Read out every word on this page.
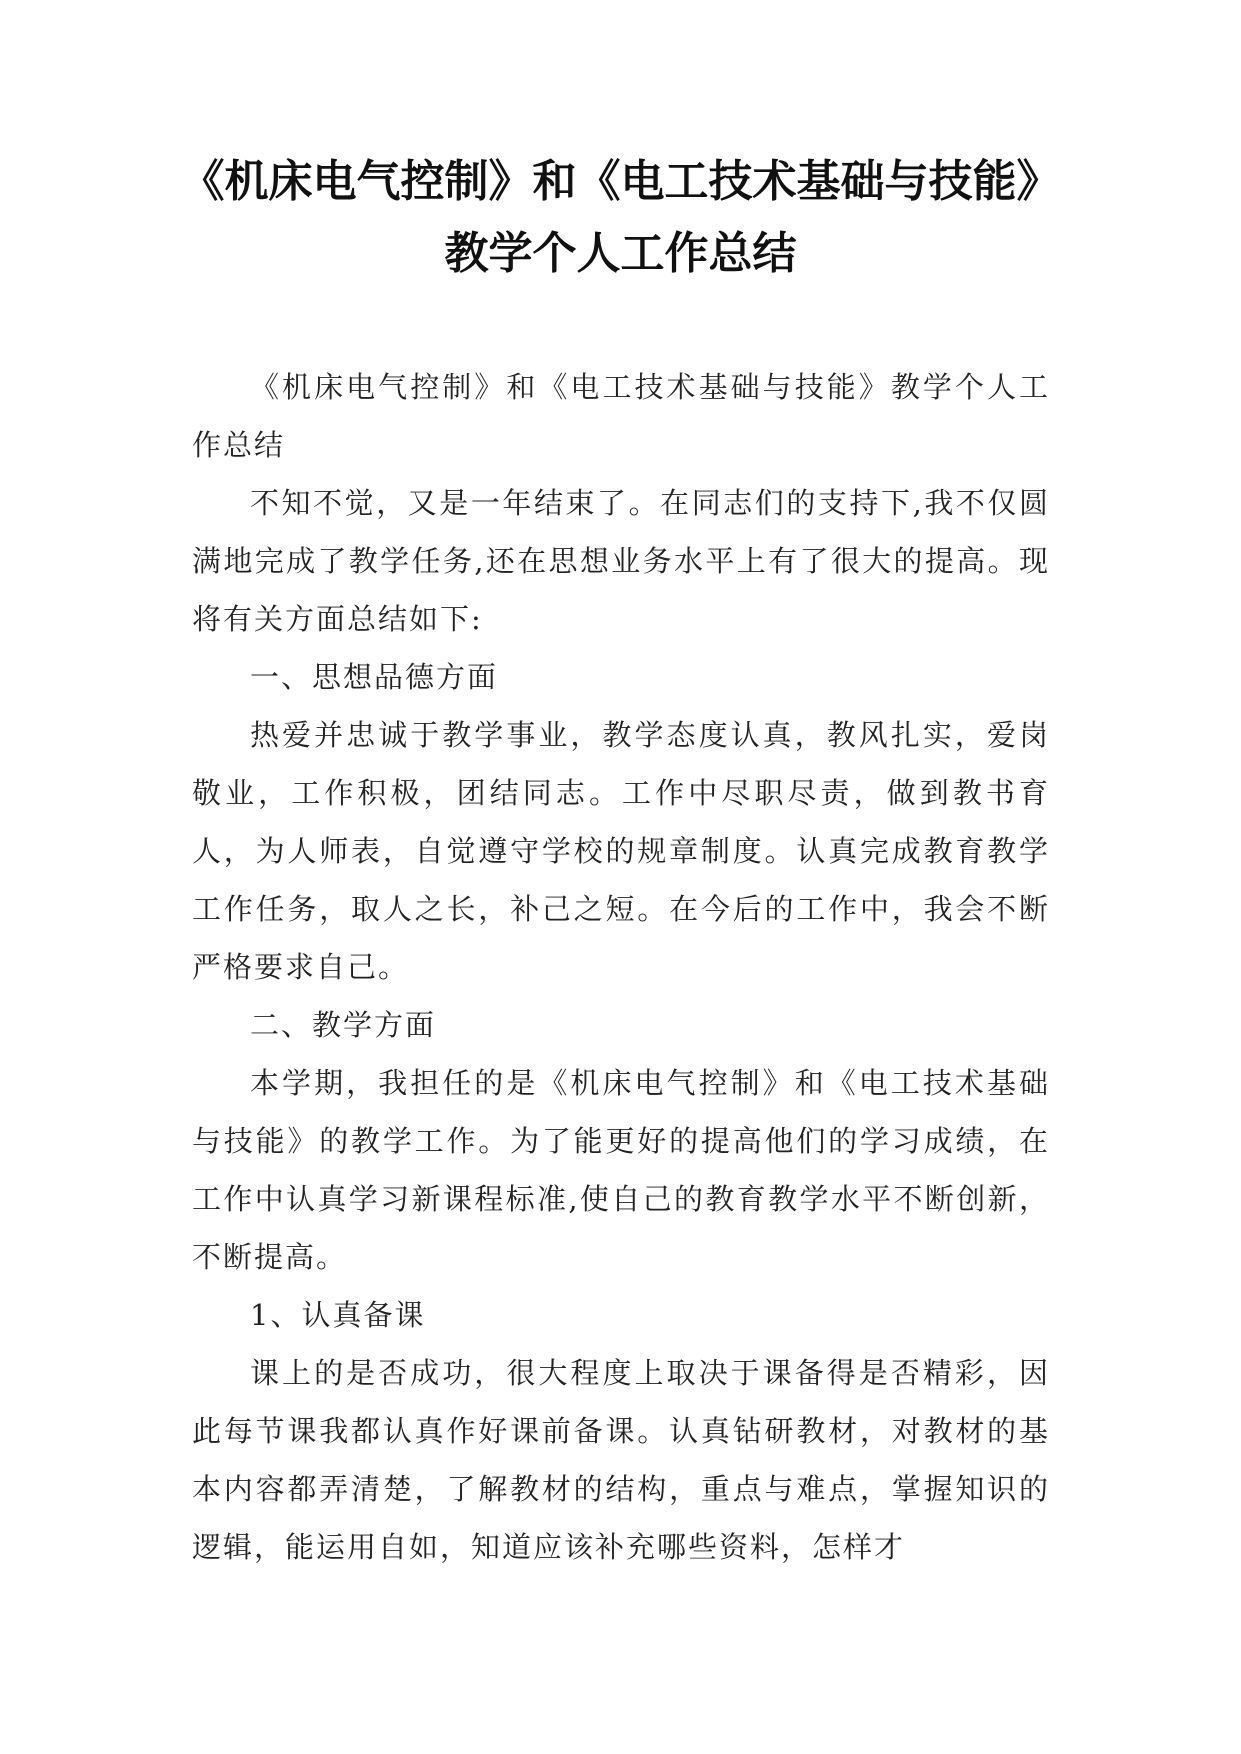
《机床电气控制》和《电工技术基础与技能》
教学个人工作总结

《机床电气控制》和《电工技术基础与技能》教学个人工作总结

不知不觉，又是一年结束了。在同志们的支持下,我不仅圆满地完成了教学任务,还在思想业务水平上有了很大的提高。现将有关方面总结如下:

一、思想品德方面

热爱并忠诚于教学事业，教学态度认真，教风扎实，爱岗敬业，工作积极，团结同志。工作中尽职尽责，做到教书育人，为人师表，自觉遵守学校的规章制度。认真完成教育教学工作任务，取人之长，补己之短。在今后的工作中，我会不断严格要求自己。

二、教学方面

本学期，我担任的是《机床电气控制》和《电工技术基础与技能》的教学工作。为了能更好的提高他们的学习成绩，在工作中认真学习新课程标准,使自己的教育教学水平不断创新，不断提高。

1、认真备课

课上的是否成功，很大程度上取决于课备得是否精彩，因此每节课我都认真作好课前备课。认真钻研教材，对教材的基本内容都弄清楚，了解教材的结构，重点与难点，掌握知识的逻辑，能运用自如，知道应该补充哪些资料，怎样才
